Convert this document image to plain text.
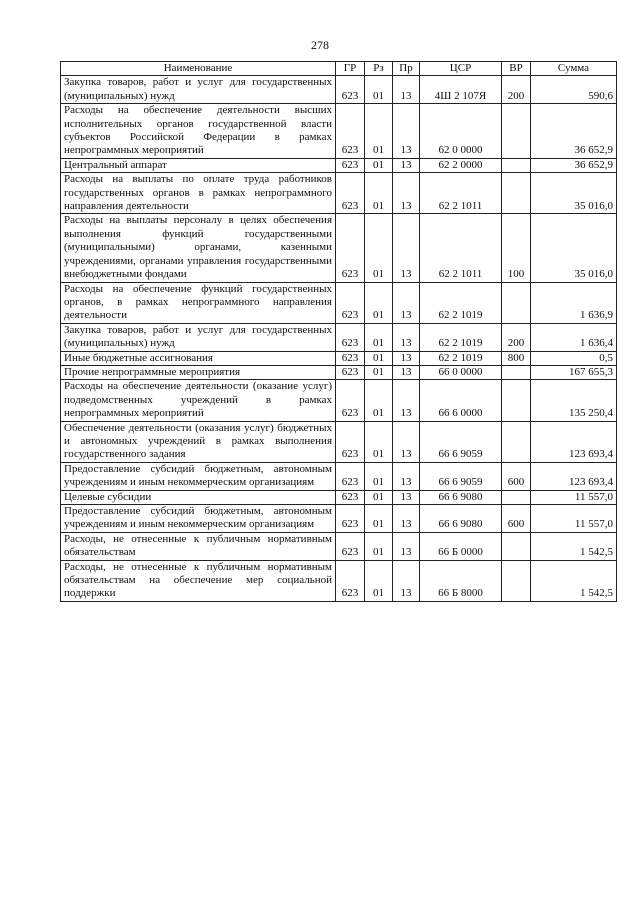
278
Наименование	ГР	Рз	Пр	ЦСР	ВР	Сумма
Закупка товаров, работ и услуг для государственных (муниципальных) нужд	623	01	13	4Ш 2 107Я	200	590,6
Расходы на обеспечение деятельности высших исполнительных органов государственной власти субъектов Российской Федерации в рамках непрограммных мероприятий	623	01	13	62 0 0000		36 652,9
Центральный аппарат	623	01	13	62 2 0000		36 652,9
Расходы на выплаты по оплате труда работников государственных органов в рамках непрограммного направления деятельности	623	01	13	62 2 1011		35 016,0
Расходы на выплаты персоналу в целях обеспечения выполнения функций государственными (муниципальными) органами, казенными учреждениями, органами управления государственными внебюджетными фондами	623	01	13	62 2 1011	100	35 016,0
Расходы на обеспечение функций государственных органов, в рамках непрограммного направления деятельности	623	01	13	62 2 1019		1 636,9
Закупка товаров, работ и услуг для государственных (муниципальных) нужд	623	01	13	62 2 1019	200	1 636,4
Иные бюджетные ассигнования	623	01	13	62 2 1019	800	0,5
Прочие непрограммные мероприятия	623	01	13	66 0 0000		167 655,3
Расходы на обеспечение деятельности (оказание услуг) подведомственных учреждений в рамках непрограммных мероприятий	623	01	13	66 6 0000		135 250,4
Обеспечение деятельности (оказания услуг) бюджетных и автономных учреждений в рамках выполнения государственного задания	623	01	13	66 6 9059		123 693,4
Предоставление субсидий бюджетным, автономным учреждениям и иным некоммерческим организациям	623	01	13	66 6 9059	600	123 693,4
Целевые субсидии	623	01	13	66 6 9080		11 557,0
Предоставление субсидий бюджетным, автономным учреждениям и иным некоммерческим организациям	623	01	13	66 6 9080	600	11 557,0
Расходы, не отнесенные к публичным нормативным обязательствам	623	01	13	66 Б 0000		1 542,5
Расходы, не отнесенные к публичным нормативным обязательствам на обеспечение мер социальной поддержки	623	01	13	66 Б 8000		1 542,5
